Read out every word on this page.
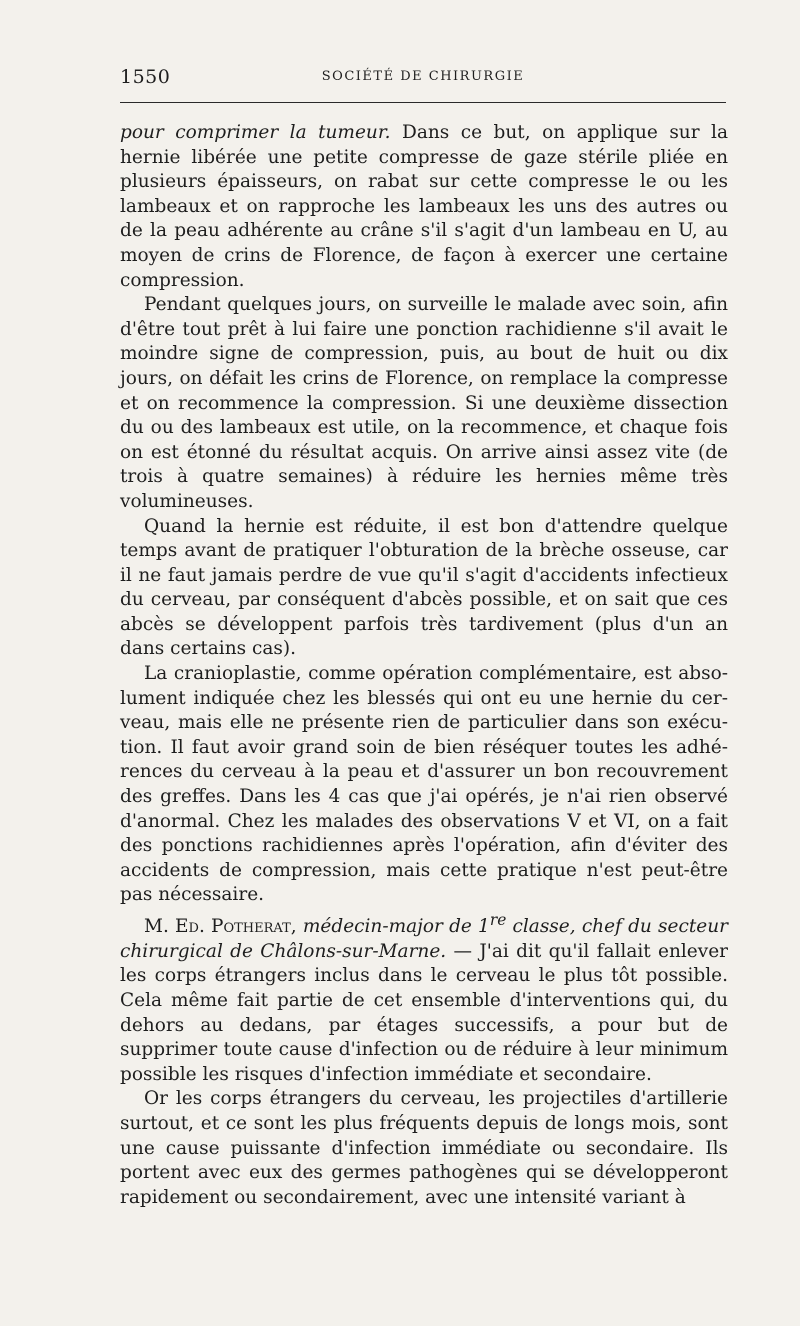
1550	SOCIÉTÉ DE CHIRURGIE

pour comprimer la tumeur. Dans ce but, on applique sur la hernie libérée une petite compresse de gaze stérile pliée en plusieurs épaisseurs, on rabat sur cette compresse le ou les lambeaux et on rapproche les lambeaux les uns des autres ou de la peau adhérente au crâne s'il s'agit d'un lambeau en U, au moyen de crins de Florence, de façon à exercer une certaine compression.

Pendant quelques jours, on surveille le malade avec soin, afin d'être tout prêt à lui faire une ponction rachidienne s'il avait le moindre signe de compression, puis, au bout de huit ou dix jours, on défait les crins de Florence, on remplace la compresse et on recommence la compression. Si une deuxième dissection du ou des lambeaux est utile, on la recommence, et chaque fois on est étonné du résultat acquis. On arrive ainsi assez vite (de trois à quatre semaines) à réduire les hernies même très volumineuses.

Quand la hernie est réduite, il est bon d'attendre quelque temps avant de pratiquer l'obturation de la brèche osseuse, car il ne faut jamais perdre de vue qu'il s'agit d'accidents infectieux du cerveau, par conséquent d'abcès possible, et on sait que ces abcès se développent parfois très tardivement (plus d'un an dans certains cas).

La cranioplastie, comme opération complémentaire, est absolument indiquée chez les blessés qui ont eu une hernie du cerveau, mais elle ne présente rien de particulier dans son exécution. Il faut avoir grand soin de bien réséquer toutes les adhérences du cerveau à la peau et d'assurer un bon recouvrement des greffes. Dans les 4 cas que j'ai opérés, je n'ai rien observé d'anormal. Chez les malades des observations V et VI, on a fait des ponctions rachidiennes après l'opération, afin d'éviter des accidents de compression, mais cette pratique n'est peut-être pas nécessaire.

M. Ed. Potherat, médecin-major de 1re classe, chef du secteur chirurgical de Châlons-sur-Marne. — J'ai dit qu'il fallait enlever les corps étrangers inclus dans le cerveau le plus tôt possible. Cela même fait partie de cet ensemble d'interventions qui, du dehors au dedans, par étages successifs, a pour but de supprimer toute cause d'infection ou de réduire à leur minimum possible les risques d'infection immédiate et secondaire.

Or les corps étrangers du cerveau, les projectiles d'artillerie surtout, et ce sont les plus fréquents depuis de longs mois, sont une cause puissante d'infection immédiate ou secondaire. Ils portent avec eux des germes pathogènes qui se développeront rapidement ou secondairement, avec une intensité variant à
